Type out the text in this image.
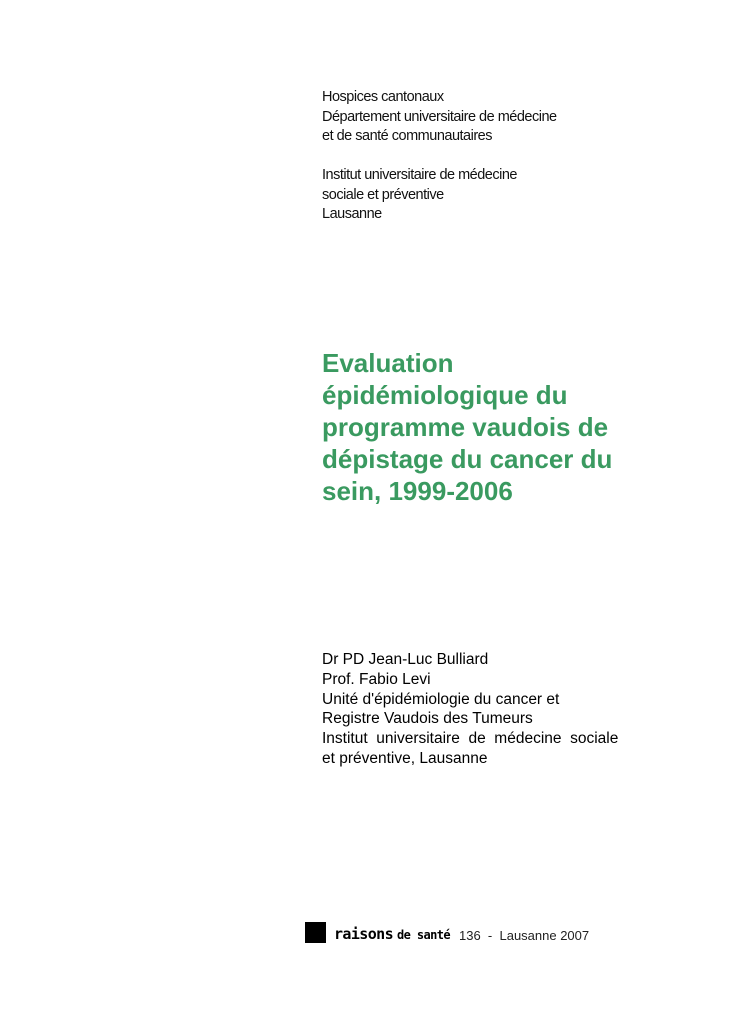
Hospices cantonaux
Département universitaire de médecine
et de santé communautaires
Institut universitaire de médecine
sociale et préventive
Lausanne
Evaluation
épidémiologique du
programme vaudois de
dépistage du cancer du
sein, 1999-2006
Dr PD Jean-Luc Bulliard
Prof. Fabio Levi
Unité d'épidémiologie du cancer et
Registre Vaudois des Tumeurs
Institut  universitaire  de  médecine  sociale
et préventive, Lausanne
raisons de santé 136  -  Lausanne 2007
